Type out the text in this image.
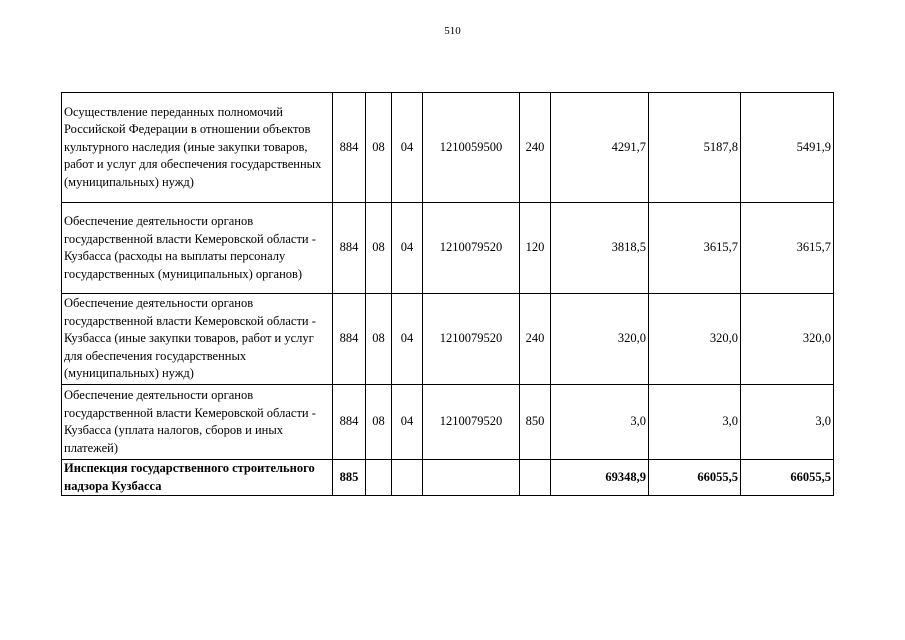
510
Осуществление переданных полномочий Российской Федерации в отношении объектов культурного наследия (иные закупки товаров, работ и услуг для обеспечения государственных (муниципальных) нужд)	884	08	04	1210059500	240	4291,7	5187,8	5491,9
Обеспечение деятельности органов государственной власти Кемеровской области - Кузбасса (расходы на выплаты персоналу государственных (муниципальных) органов)	884	08	04	1210079520	120	3818,5	3615,7	3615,7
Обеспечение деятельности органов государственной власти Кемеровской области - Кузбасса (иные закупки товаров, работ и услуг для обеспечения государственных (муниципальных) нужд)	884	08	04	1210079520	240	320,0	320,0	320,0
Обеспечение деятельности органов государственной власти Кемеровской области - Кузбасса (уплата налогов, сборов и иных платежей)	884	08	04	1210079520	850	3,0	3,0	3,0
Инспекция государственного строительного надзора Кузбасса	885					69348,9	66055,5	66055,5
